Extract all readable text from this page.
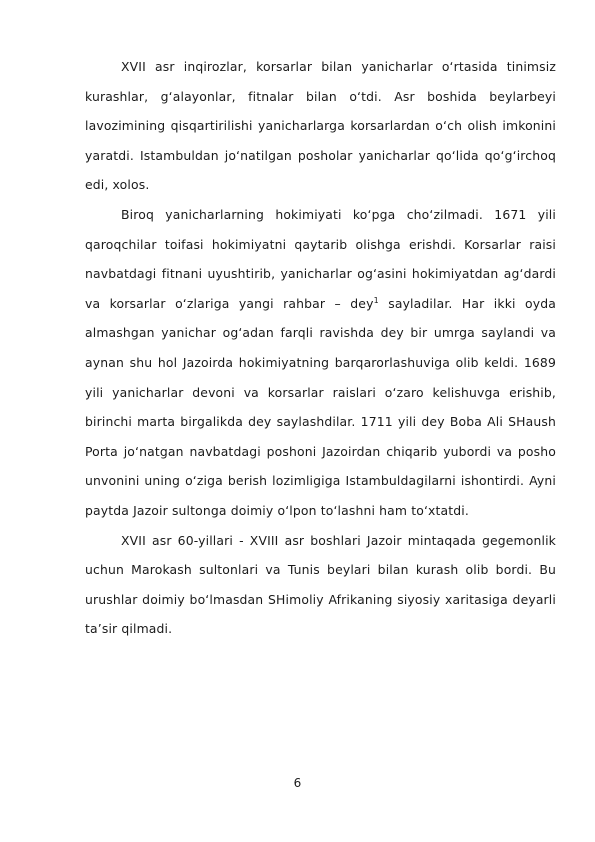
XVII asr inqirozlar, korsarlar bilan yanicharlar o‘rtasida tinimsiz kurashlar, g‘alayonlar, fitnalar bilan o‘tdi. Asr boshida beylarbeyi lavozimining qisqartirilishi yanicharlarga korsarlardan o‘ch olish imkonini yaratdi. Istambuldan jo‘natilgan posholar yanicharlar qo‘lida qo‘g‘irchoq edi, xolos.

Biroq yanicharlarning hokimiyati ko‘pga cho‘zilmadi. 1671 yili qaroqchilar toifasi hokimiyatni qaytarib olishga erishdi. Korsarlar raisi navbatdagi fitnani uyushtirib, yanicharlar og‘asini hokimiyatdan ag‘dardi va korsarlar o‘zlariga yangi rahbar – dey$^1$ sayladilar. Har ikki oyda almashgan yanichar og‘adan farqli ravishda dey bir umrga saylandi va aynan shu hol Jazoirda hokimiyatning barqarorlashuviga olib keldi. 1689 yili yanicharlar devoni va korsarlar raislari o‘zaro kelishuvga erishib, birinchi marta birgalikda dey saylashdilar. 1711 yili dey Boba Ali SHaush Porta jo‘natgan navbatdagi poshoni Jazoirdan chiqarib yubordi va posho unvonini uning o‘ziga berish lozimligiga Istambuldagilarni ishontirdi. Ayni paytda Jazoir sultonga doimiy o‘lpon to‘lashni ham to‘xtatdi.

XVII asr 60-yillari - XVIII asr boshlari Jazoir mintaqada gegemonlik uchun Marokash sultonlari va Tunis beylari bilan kurash olib bordi. Bu urushlar doimiy bo‘lmasdan SHimoliy Afrikaning siyosiy xaritasiga deyarli ta’sir qilmadi.

6
